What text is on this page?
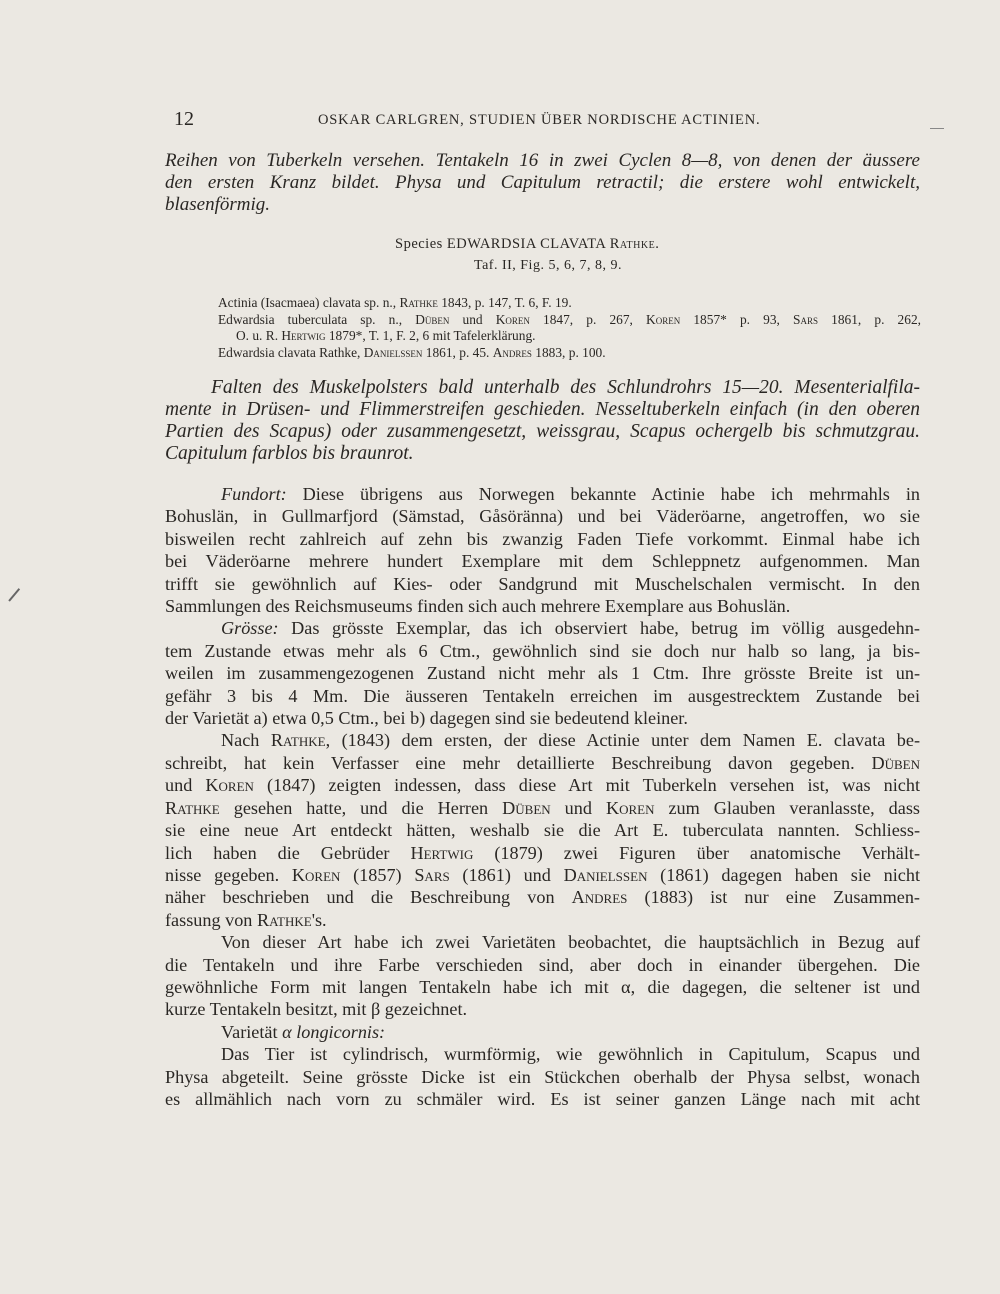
12	OSKAR CARLGREN, STUDIEN ÜBER NORDISCHE ACTINIEN.
Reihen von Tuberkeln versehen. Tentakeln 16 in zwei Cyclen 8—8, von denen der äussere
den ersten Kranz bildet. Physa und Capitulum retractil; die erstere wohl entwickelt,
blasenförmig.
Species EDWARDSIA CLAVATA Rathke.
Taf. II, Fig. 5, 6, 7, 8, 9.
Actinia (Isacmaea) clavata sp. n., Rathke 1843, p. 147, T. 6, F. 19.
Edwardsia tuberculata sp. n., Düben und Koren 1847, p. 267, Koren 1857* p. 93, Sars 1861, p. 262,
O. u. R. Hertwig 1879*, T. 1, F. 2, 6 mit Tafelerklärung.
Edwardsia clavata Rathke, Danielssen 1861, p. 45. Andres 1883, p. 100.
Falten des Muskelpolsters bald unterhalb des Schlundrohrs 15—20. Mesenterialfila-
mente in Drüsen- und Flimmerstreifen geschieden. Nesseltuberkeln einfach (in den oberen
Partien des Scapus) oder zusammengesetzt, weissgrau, Scapus ochergelb bis schmutzgrau.
Capitulum farblos bis braunrot.
Fundort: Diese übrigens aus Norwegen bekannte Actinie habe ich mehrmahls in
Bohuslän, in Gullmarfjord (Sämstad, Gåsöränna) und bei Väderöarne, angetroffen, wo sie
bisweilen recht zahlreich auf zehn bis zwanzig Faden Tiefe vorkommt. Einmal habe ich
bei Väderöarne mehrere hundert Exemplare mit dem Schleppnetz aufgenommen. Man
trifft sie gewöhnlich auf Kies- oder Sandgrund mit Muschelschalen vermischt. In den
Sammlungen des Reichsmuseums finden sich auch mehrere Exemplare aus Bohuslän.
Grösse: Das grösste Exemplar, das ich observiert habe, betrug im völlig ausgedehn-
tem Zustande etwas mehr als 6 Ctm., gewöhnlich sind sie doch nur halb so lang, ja bis-
weilen im zusammengezogenen Zustand nicht mehr als 1 Ctm. Ihre grösste Breite ist un-
gefähr 3 bis 4 Mm. Die äusseren Tentakeln erreichen im ausgestrecktem Zustande bei
der Varietät a) etwa 0,5 Ctm., bei b) dagegen sind sie bedeutend kleiner.
Nach Rathke, (1843) dem ersten, der diese Actinie unter dem Namen E. clavata be-
schreibt, hat kein Verfasser eine mehr detaillierte Beschreibung davon gegeben. Düben
und Koren (1847) zeigten indessen, dass diese Art mit Tuberkeln versehen ist, was nicht
Rathke gesehen hatte, und die Herren Düben und Koren zum Glauben veranlasste, dass
sie eine neue Art entdeckt hätten, weshalb sie die Art E. tuberculata nannten. Schliess-
lich haben die Gebrüder Hertwig (1879) zwei Figuren über anatomische Verhält-
nisse gegeben. Koren (1857) Sars (1861) und Danielssen (1861) dagegen haben sie nicht
näher beschrieben und die Beschreibung von Andres (1883) ist nur eine Zusammen-
fassung von Rathke's.
Von dieser Art habe ich zwei Varietäten beobachtet, die hauptsächlich in Bezug auf
die Tentakeln und ihre Farbe verschieden sind, aber doch in einander übergehen. Die
gewöhnliche Form mit langen Tentakeln habe ich mit α, die dagegen, die seltener ist und
kurze Tentakeln besitzt, mit β gezeichnet.
Varietät α longicornis:
Das Tier ist cylindrisch, wurmförmig, wie gewöhnlich in Capitulum, Scapus und
Physa abgeteilt. Seine grösste Dicke ist ein Stückchen oberhalb der Physa selbst, wonach
es allmählich nach vorn zu schmäler wird. Es ist seiner ganzen Länge nach mit acht
